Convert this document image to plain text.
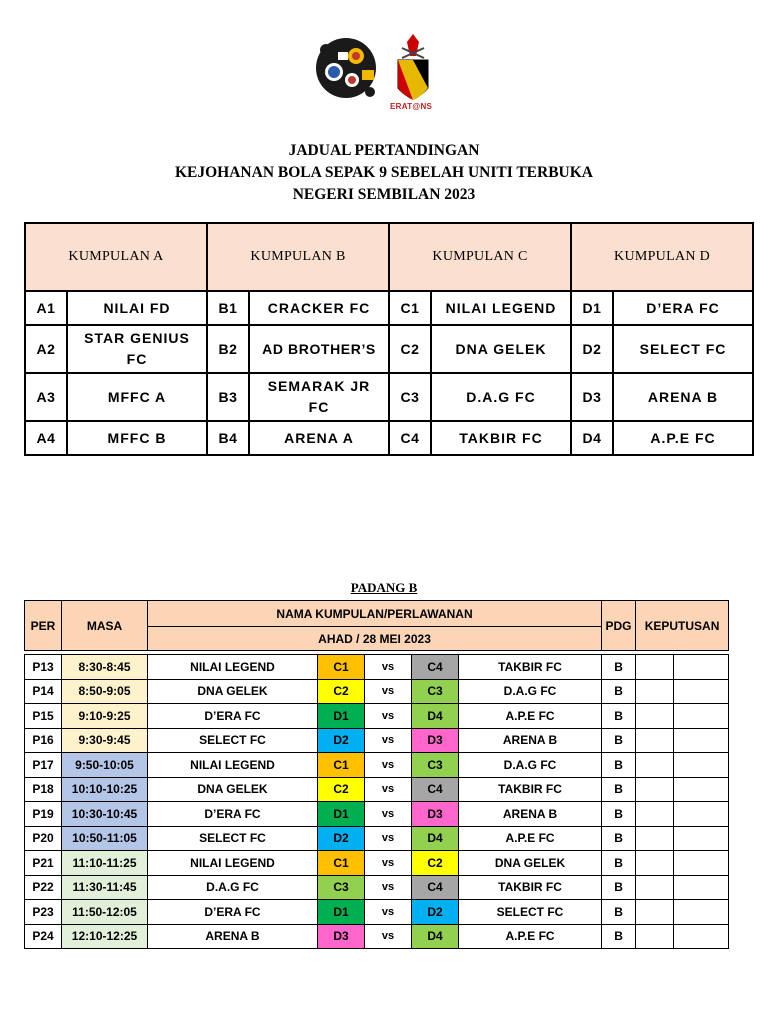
ERAT@NS
JADUAL PERTANDINGAN
KEJOHANAN BOLA SEPAK 9 SEBELAH UNITI TERBUKA
NEGERI SEMBILAN 2023
KUMPULAN A		KUMPULAN B		KUMPULAN C		KUMPULAN D	
A1	NILAI FD	B1	CRACKER FC	C1	NILAI LEGEND	D1	D’ERA FC
A2	STAR GENIUS FC	B2	AD BROTHER’S	C2	DNA GELEK	D2	SELECT FC
A3	MFFC A	B3	SEMARAK JR FC	C3	D.A.G FC	D3	ARENA B
A4	MFFC B	B4	ARENA A	C4	TAKBIR FC	D4	A.P.E FC
PADANG B
PER	MASA	NAMA KUMPULAN/PERLAWANAN					PDG	KEPUTUSAN	
		AHAD / 28 MEI 2023							

P13	8:30-8:45	NILAI LEGEND	C1	vs	C4	TAKBIR FC	B		
P14	8:50-9:05	DNA GELEK	C2	vs	C3	D.A.G FC	B		
P15	9:10-9:25	D’ERA FC	D1	vs	D4	A.P.E FC	B		
P16	9:30-9:45	SELECT FC	D2	vs	D3	ARENA B	B		
P17	9:50-10:05	NILAI LEGEND	C1	vs	C3	D.A.G FC	B		
P18	10:10-10:25	DNA GELEK	C2	vs	C4	TAKBIR FC	B		
P19	10:30-10:45	D’ERA FC	D1	vs	D3	ARENA B	B		
P20	10:50-11:05	SELECT FC	D2	vs	D4	A.P.E FC	B		
P21	11:10-11:25	NILAI LEGEND	C1	vs	C2	DNA GELEK	B		
P22	11:30-11:45	D.A.G FC	C3	vs	C4	TAKBIR FC	B		
P23	11:50-12:05	D’ERA FC	D1	vs	D2	SELECT FC	B		
P24	12:10-12:25	ARENA B	D3	vs	D4	A.P.E FC	B		
